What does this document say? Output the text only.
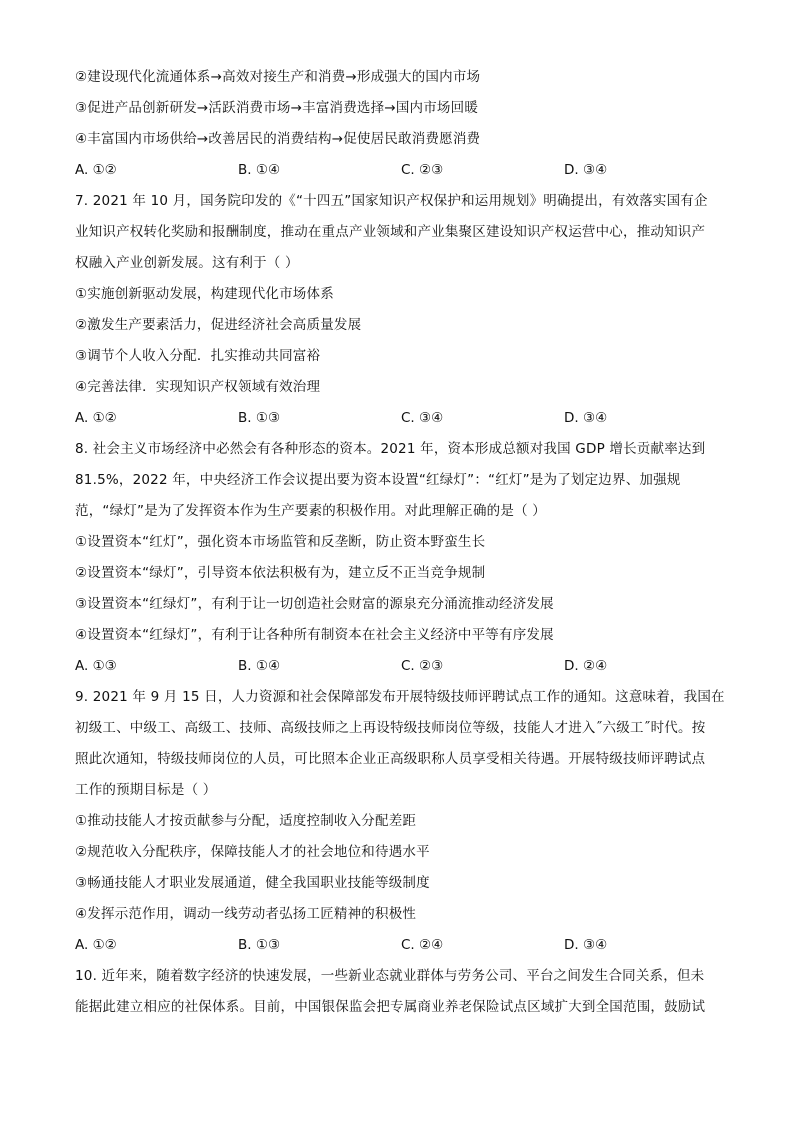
②建设现代化流通体系→高效对接生产和消费→形成强大的国内市场
③促进产品创新研发→活跃消费市场→丰富消费选择→国内市场回暖
④丰富国内市场供给→改善居民的消费结构→促使居民敢消费愿消费
A. ①②	B. ①④	C. ②③	D. ③④
7. 2021 年 10 月，国务院印发的《“十四五”国家知识产权保护和运用规划》明确提出，有效落实国有企
业知识产权转化奖励和报酬制度，推动在重点产业领域和产业集聚区建设知识产权运营中心，推动知识产
权融入产业创新发展。这有利于（ ）
①实施创新驱动发展，构建现代化市场体系
②激发生产要素活力，促进经济社会高质量发展
③调节个人收入分配．扎实推动共同富裕
④完善法律．实现知识产权领域有效治理
A. ①②	B. ①③	C. ③④	D. ③④
8. 社会主义市场经济中必然会有各种形态的资本。2021 年，资本形成总额对我国 GDP 增长贡献率达到
81.5%，2022 年，中央经济工作会议提出要为资本设置“红绿灯”：“红灯”是为了划定边界、加强规
范，“绿灯”是为了发挥资本作为生产要素的积极作用。对此理解正确的是（ ）
①设置资本“红灯”，强化资本市场监管和反垄断，防止资本野蛮生长
②设置资本“绿灯”，引导资本依法积极有为，建立反不正当竞争规制
③设置资本“红绿灯”，有利于让一切创造社会财富的源泉充分涌流推动经济发展
④设置资本“红绿灯”，有利于让各种所有制资本在社会主义经济中平等有序发展
A. ①③	B. ①④	C. ②③	D. ②④
9. 2021 年 9 月 15 日，人力资源和社会保障部发布开展特级技师评聘试点工作的通知。这意味着，我国在
初级工、中级工、高级工、技师、高级技师之上再设特级技师岗位等级，技能人才进入˝六级工˝时代。按
照此次通知，特级技师岗位的人员，可比照本企业正高级职称人员享受相关待遇。开展特级技师评聘试点
工作的预期目标是（ ）
①推动技能人才按贡献参与分配，适度控制收入分配差距
②规范收入分配秩序，保障技能人才的社会地位和待遇水平
③畅通技能人才职业发展通道，健全我国职业技能等级制度
④发挥示范作用，调动一线劳动者弘扬工匠精神的积极性
A. ①②	B. ①③	C. ②④	D. ③④
10. 近年来，随着数字经济的快速发展，一些新业态就业群体与劳务公司、平台之间发生合同关系，但未
能据此建立相应的社保体系。目前，中国银保监会把专属商业养老保险试点区域扩大到全国范围，鼓励试
